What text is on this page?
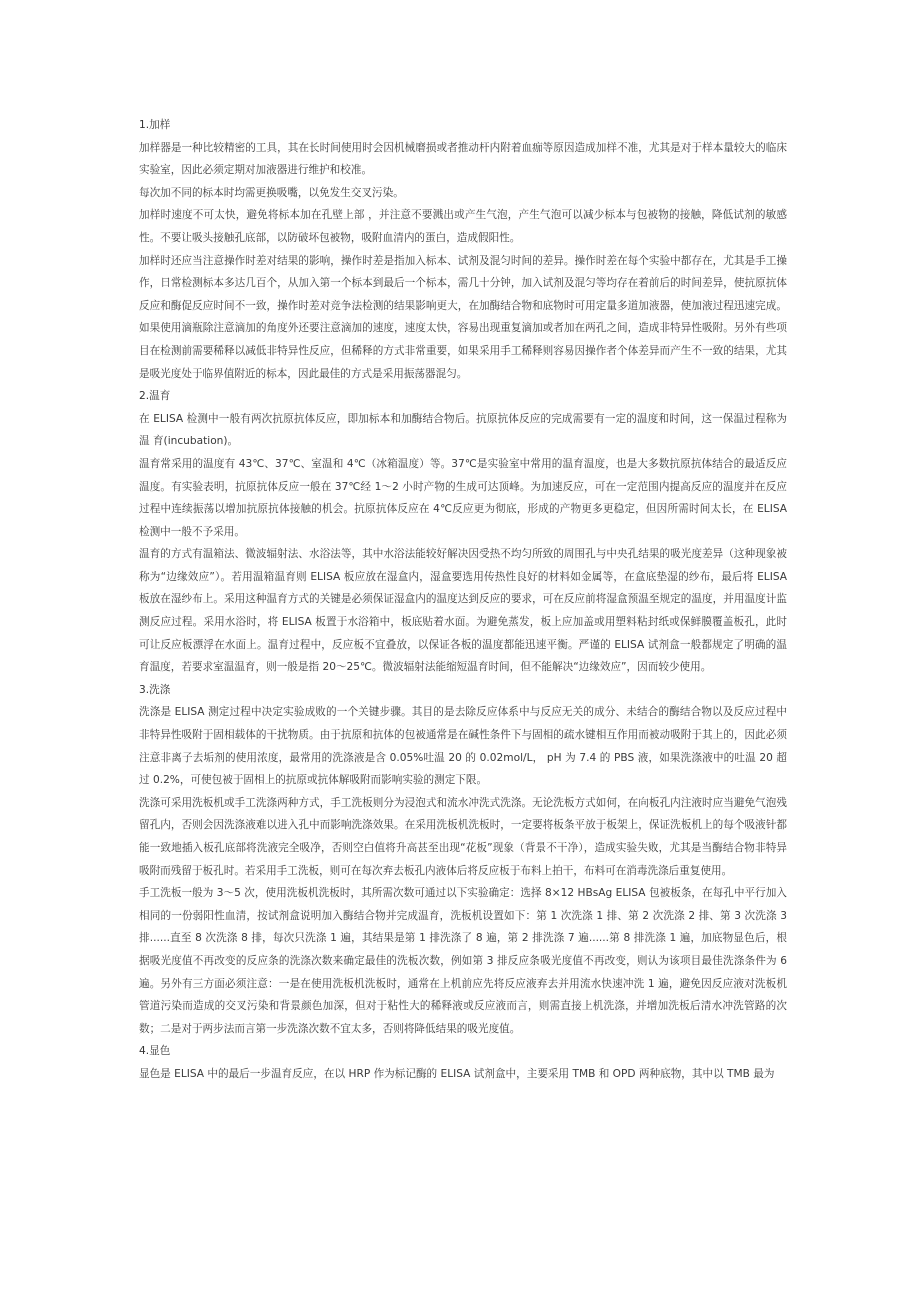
1.加样

加样器是一种比较精密的工具，其在长时间使用时会因机械磨损或者推动杆内附着血痂等原因造成加样不准，尤其是对于样本量较大的临床实验室，因此必须定期对加液器进行维护和校准。

每次加不同的标本时均需更换吸嘴，以免发生交叉污染。

加样时速度不可太快，避免将标本加在孔壁上部 ，并注意不要溅出或产生气泡，产生气泡可以减少标本与包被物的接触，降低试剂的敏感性。不要让吸头接触孔底部，以防破坏包被物，吸附血清内的蛋白，造成假阳性。

加样时还应当注意操作时差对结果的影响，操作时差是指加入标本、试剂及混匀时间的差异。操作时差在每个实验中都存在，尤其是手工操作，日常检测标本多达几百个，从加入第一个标本到最后一个标本，需几十分钟，加入试剂及混匀等均存在着前后的时间差异，使抗原抗体反应和酶促反应时间不一致，操作时差对竞争法检测的结果影响更大，在加酶结合物和底物时可用定量多道加液器，使加液过程迅速完成。如果使用滴瓶除注意滴加的角度外还要注意滴加的速度，速度太快，容易出现重复滴加或者加在两孔之间，造成非特异性吸附。另外有些项目在检测前需要稀释以减低非特异性反应，但稀释的方式非常重要，如果采用手工稀释则容易因操作者个体差异而产生不一致的结果，尤其是吸光度处于临界值附近的标本，因此最佳的方式是采用振荡器混匀。

2.温育

在 ELISA 检测中一般有两次抗原抗体反应，即加标本和加酶结合物后。抗原抗体反应的完成需要有一定的温度和时间，这一保温过程称为温 育(incubation)。

温育常采用的温度有 43℃、37℃、室温和 4℃（冰箱温度）等。37℃是实验室中常用的温育温度，也是大多数抗原抗体结合的最适反应温度。有实验表明，抗原抗体反应一般在 37℃经 1～2 小时产物的生成可达顶峰。为加速反应，可在一定范围内提高反应的温度并在反应过程中连续振荡以增加抗原抗体接触的机会。抗原抗体反应在 4℃反应更为彻底，形成的产物更多更稳定，但因所需时间太长，在 ELISA 检测中一般不予采用。

温育的方式有温箱法、微波辐射法、水浴法等，其中水浴法能较好解决因受热不均匀所致的周围孔与中央孔结果的吸光度差异（这种现象被称为“边缘效应”）。若用温箱温育则 ELISA 板应放在湿盒内，湿盒要选用传热性良好的材料如金属等，在盒底垫湿的纱布，最后将 ELISA 板放在湿纱布上。采用这种温育方式的关键是必须保证湿盒内的温度达到反应的要求，可在反应前将湿盒预温至规定的温度，并用温度计监测反应过程。采用水浴时，将 ELISA 板置于水浴箱中，板底贴着水面。为避免蒸发，板上应加盖或用塑料粘封纸或保鲜膜覆盖板孔，此时可让反应板漂浮在水面上。温育过程中，反应板不宜叠放，以保证各板的温度都能迅速平衡。严谨的 ELISA 试剂盒一般都规定了明确的温育温度，若要求室温温育，则一般是指 20～25℃。微波辐射法能缩短温育时间，但不能解决“边缘效应”，因而较少使用。

3.洗涤

洗涤是 ELISA 测定过程中决定实验成败的一个关键步骤。其目的是去除反应体系中与反应无关的成分、未结合的酶结合物以及反应过程中非特异性吸附于固相载体的干扰物质。由于抗原和抗体的包被通常是在碱性条件下与固相的疏水键相互作用而被动吸附于其上的，因此必须注意非离子去垢剂的使用浓度，最常用的洗涤液是含 0.05%吐温 20 的 0.02mol/L， pH 为 7.4 的 PBS 液，如果洗涤液中的吐温 20 超过 0.2%，可使包被于固相上的抗原或抗体解吸附而影响实验的测定下限。

洗涤可采用洗板机或手工洗涤两种方式，手工洗板则分为浸泡式和流水冲洗式洗涤。无论洗板方式如何，在向板孔内注液时应当避免气泡残留孔内，否则会因洗涤液难以进入孔中而影响洗涤效果。在采用洗板机洗板时，一定要将板条平放于板架上，保证洗板机上的每个吸液针都能一致地插入板孔底部将洗液完全吸净，否则空白值将升高甚至出现“花板”现象（背景不干净），造成实验失败，尤其是当酶结合物非特异吸附而残留于板孔时。若采用手工洗板，则可在每次弃去板孔内液体后将反应板于布料上拍干，布料可在消毒洗涤后重复使用。

手工洗板一般为 3～5 次，使用洗板机洗板时，其所需次数可通过以下实验确定：选择 8×12 HBsAg ELISA 包被板条，在每孔中平行加入相同的一份弱阳性血清，按试剂盒说明加入酶结合物并完成温育，洗板机设置如下：第 1 次洗涤 1 排、第 2 次洗涤 2 排、第 3 次洗涤 3 排......直至 8 次洗涤 8 排，每次只洗涤 1 遍，其结果是第 1 排洗涤了 8 遍，第 2 排洗涤 7 遍......第 8 排洗涤 1 遍，加底物显色后，根据吸光度值不再改变的反应条的洗涤次数来确定最佳的洗板次数，例如第 3 排反应条吸光度值不再改变，则认为该项目最佳洗涤条件为 6 遍。另外有三方面必须注意：一是在使用洗板机洗板时，通常在上机前应先将反应液弃去并用流水快速冲洗 1 遍，避免因反应液对洗板机管道污染而造成的交叉污染和背景颜色加深，但对于粘性大的稀释液或反应液而言，则需直接上机洗涤，并增加洗板后清水冲洗管路的次数；二是对于两步法而言第一步洗涤次数不宜太多，否则将降低结果的吸光度值。

4.显色

显色是 ELISA 中的最后一步温育反应，在以 HRP 作为标记酶的 ELISA 试剂盒中，主要采用 TMB 和 OPD 两种底物，其中以 TMB 最为
